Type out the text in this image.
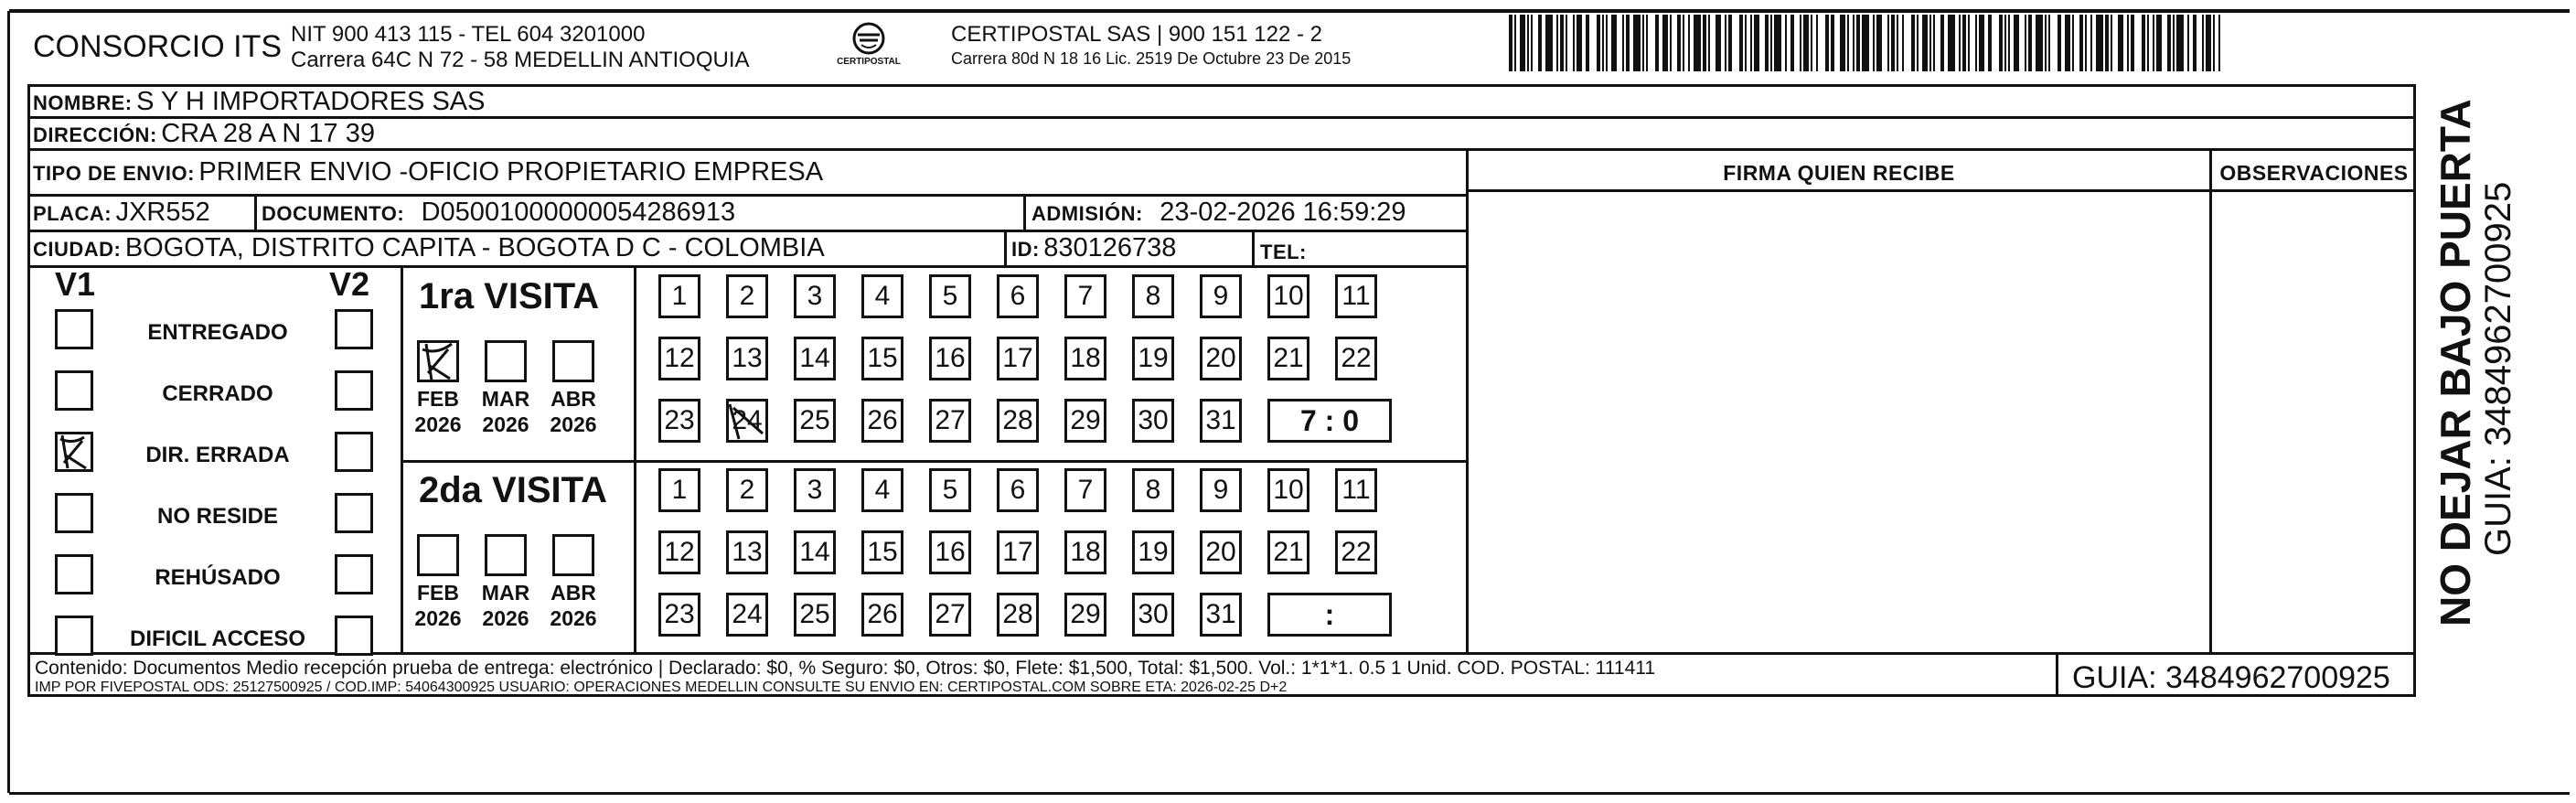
CONSORCIO ITS NIT 900 413 115 - TEL 604 3201000
Carrera 64C N 72 - 58 MEDELLIN ANTIOQUIA	CERTIPOSTAL
CERTIPOSTAL SAS | 900 151 122 - 2
Carrera 80d N 18 16 Lic. 2519 De Octubre 23 De 2015
NOMBRE: S Y H IMPORTADORES SAS
DIRECCIÓN: CRA 28 A N 17 39
TIPO DE ENVIO: PRIMER ENVIO -OFICIO PROPIETARIO EMPRESA
PLACA: JXR552	DOCUMENTO: D05001000000054286913	ADMISIÓN: 23-02-2026 16:59:29
CIUDAD: BOGOTA, DISTRITO CAPITA - BOGOTA D C - COLOMBIA	ID: 830126738	TEL:
FIRMA QUIEN RECIBE	OBSERVACIONES
V1	V2
ENTREGADO
CERRADO
DIR. ERRADA
NO RESIDE
REHÚSADO
DIFICIL ACCESO
1ra VISITA
FEB
2026
MAR
2026
ABR
2026
1	2	3	4	5	6	7	8	9	10 11
12 13 14 15 16 17 18 19 20 21 22
23 24 25 26 27 28 29 30 31	7 : 0
2da VISITA
FEB
2026
MAR
2026
ABR
2026
1	2	3	4	5	6	7	8	9	10 11
12 13 14 15 16 17 18 19 20 21 22
23 24 25 26 27 28 29 30 31	:
Contenido: Documentos Medio recepción prueba de entrega: electrónico | Declarado: $0, % Seguro: $0, Otros: $0, Flete: $1,500, Total: $1,500. Vol.: 1*1*1. 0.5 1 Unid. COD. POSTAL: 111411
IMP POR FIVEPOSTAL ODS: 25127500925 / COD.IMP: 54064300925 USUARIO: OPERACIONES MEDELLIN CONSULTE SU ENVIO EN: CERTIPOSTAL.COM SOBRE ETA: 2026-02-25 D+2	GUIA: 3484962700925
NO DEJAR BAJO PUERTA GUIA: 3484962700925
